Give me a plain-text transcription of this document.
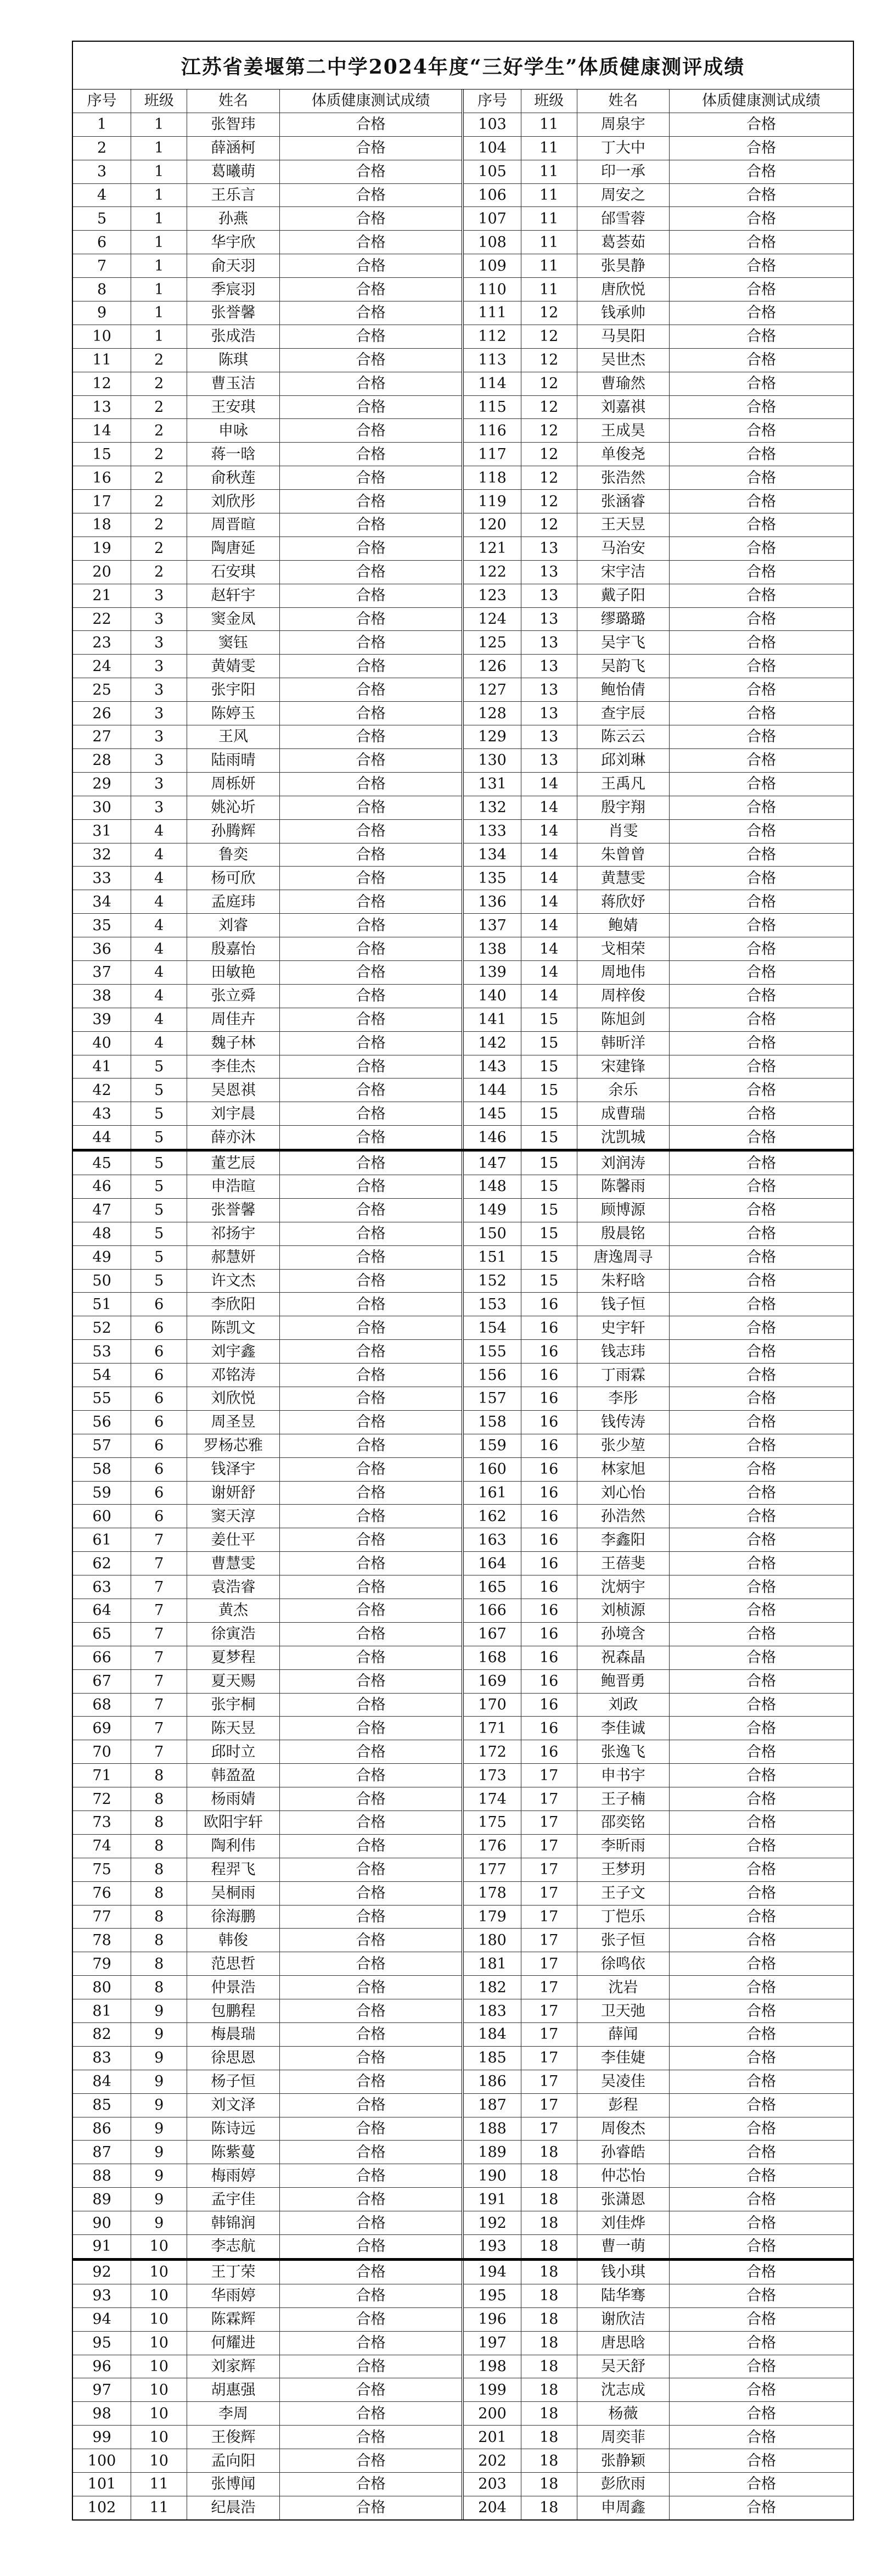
江苏省姜堰第二中学2024年度“三好学生”体质健康测评成绩
序号	班级	姓名	体质健康测试成绩	序号	班级	姓名	体质健康测试成绩
1	1	张智玮	合格	103	11	周泉宇	合格
2	1	薛涵柯	合格	104	11	丁大中	合格
3	1	葛曦萌	合格	105	11	印一承	合格
4	1	王乐言	合格	106	11	周安之	合格
5	1	孙燕	合格	107	11	邰雪蓉	合格
6	1	华宇欣	合格	108	11	葛荟茹	合格
7	1	俞天羽	合格	109	11	张昊静	合格
8	1	季宸羽	合格	110	11	唐欣悦	合格
9	1	张誉馨	合格	111	12	钱承帅	合格
10	1	张成浩	合格	112	12	马昊阳	合格
11	2	陈琪	合格	113	12	吴世杰	合格
12	2	曹玉洁	合格	114	12	曹瑜然	合格
13	2	王安琪	合格	115	12	刘嘉祺	合格
14	2	申咏	合格	116	12	王成昊	合格
15	2	蒋一晗	合格	117	12	单俊尧	合格
16	2	俞秋莲	合格	118	12	张浩然	合格
17	2	刘欣彤	合格	119	12	张涵睿	合格
18	2	周晋暄	合格	120	12	王天昱	合格
19	2	陶唐延	合格	121	13	马治安	合格
20	2	石安琪	合格	122	13	宋宇洁	合格
21	3	赵轩宇	合格	123	13	戴子阳	合格
22	3	窦金凤	合格	124	13	缪璐璐	合格
23	3	窦钰	合格	125	13	吴宇飞	合格
24	3	黄婧雯	合格	126	13	吴韵飞	合格
25	3	张宇阳	合格	127	13	鲍怡倩	合格
26	3	陈婷玉	合格	128	13	查宇辰	合格
27	3	王风	合格	129	13	陈云云	合格
28	3	陆雨晴	合格	130	13	邱刘琳	合格
29	3	周栎妍	合格	131	14	王禹凡	合格
30	3	姚沁圻	合格	132	14	殷宇翔	合格
31	4	孙腾辉	合格	133	14	肖雯	合格
32	4	鲁奕	合格	134	14	朱曾曾	合格
33	4	杨可欣	合格	135	14	黄慧雯	合格
34	4	孟庭玮	合格	136	14	蒋欣妤	合格
35	4	刘睿	合格	137	14	鲍婧	合格
36	4	殷嘉怡	合格	138	14	戈相荣	合格
37	4	田敏艳	合格	139	14	周地伟	合格
38	4	张立舜	合格	140	14	周梓俊	合格
39	4	周佳卉	合格	141	15	陈旭剑	合格
40	4	魏子林	合格	142	15	韩昕洋	合格
41	5	李佳杰	合格	143	15	宋建锋	合格
42	5	吴恩祺	合格	144	15	余乐	合格
43	5	刘宇晨	合格	145	15	成曹瑞	合格
44	5	薛亦沐	合格	146	15	沈凯城	合格
45	5	董艺辰	合格	147	15	刘润涛	合格
46	5	申浩暄	合格	148	15	陈馨雨	合格
47	5	张誉馨	合格	149	15	顾博源	合格
48	5	祁扬宇	合格	150	15	殷晨铭	合格
49	5	郝慧妍	合格	151	15	唐逸周寻	合格
50	5	许文杰	合格	152	15	朱籽晗	合格
51	6	李欣阳	合格	153	16	钱子恒	合格
52	6	陈凯文	合格	154	16	史宇轩	合格
53	6	刘宇鑫	合格	155	16	钱志玮	合格
54	6	邓铭涛	合格	156	16	丁雨霖	合格
55	6	刘欣悦	合格	157	16	李彤	合格
56	6	周圣昱	合格	158	16	钱传涛	合格
57	6	罗杨芯雅	合格	159	16	张少堃	合格
58	6	钱泽宇	合格	160	16	林家旭	合格
59	6	谢妍舒	合格	161	16	刘心怡	合格
60	6	窦天淳	合格	162	16	孙浩然	合格
61	7	姜仕平	合格	163	16	李鑫阳	合格
62	7	曹慧雯	合格	164	16	王蓓斐	合格
63	7	袁浩睿	合格	165	16	沈炳宇	合格
64	7	黄杰	合格	166	16	刘桢源	合格
65	7	徐寅浩	合格	167	16	孙境含	合格
66	7	夏梦程	合格	168	16	祝森晶	合格
67	7	夏天赐	合格	169	16	鲍晋勇	合格
68	7	张宇桐	合格	170	16	刘政	合格
69	7	陈天昱	合格	171	16	李佳诚	合格
70	7	邱时立	合格	172	16	张逸飞	合格
71	8	韩盈盈	合格	173	17	申书宇	合格
72	8	杨雨婧	合格	174	17	王子楠	合格
73	8	欧阳宇轩	合格	175	17	邵奕铭	合格
74	8	陶利伟	合格	176	17	李昕雨	合格
75	8	程羿飞	合格	177	17	王梦玥	合格
76	8	吴桐雨	合格	178	17	王子文	合格
77	8	徐海鹏	合格	179	17	丁恺乐	合格
78	8	韩俊	合格	180	17	张子恒	合格
79	8	范思哲	合格	181	17	徐鸣依	合格
80	8	仲景浩	合格	182	17	沈岩	合格
81	9	包鹏程	合格	183	17	卫天弛	合格
82	9	梅晨瑞	合格	184	17	薛闻	合格
83	9	徐思恩	合格	185	17	李佳婕	合格
84	9	杨子恒	合格	186	17	吴凌佳	合格
85	9	刘文泽	合格	187	17	彭程	合格
86	9	陈诗远	合格	188	17	周俊杰	合格
87	9	陈紫蔓	合格	189	18	孙睿皓	合格
88	9	梅雨婷	合格	190	18	仲芯怡	合格
89	9	孟宇佳	合格	191	18	张潇恩	合格
90	9	韩锦润	合格	192	18	刘佳烨	合格
91	10	李志航	合格	193	18	曹一萌	合格
92	10	王丁荣	合格	194	18	钱小琪	合格
93	10	华雨婷	合格	195	18	陆华骞	合格
94	10	陈霖辉	合格	196	18	谢欣洁	合格
95	10	何耀进	合格	197	18	唐思晗	合格
96	10	刘家辉	合格	198	18	吴天舒	合格
97	10	胡惠强	合格	199	18	沈志成	合格
98	10	李周	合格	200	18	杨薇	合格
99	10	王俊辉	合格	201	18	周奕菲	合格
100	10	孟向阳	合格	202	18	张静颖	合格
101	11	张博闻	合格	203	18	彭欣雨	合格
102	11	纪晨浩	合格	204	18	申周鑫	合格
